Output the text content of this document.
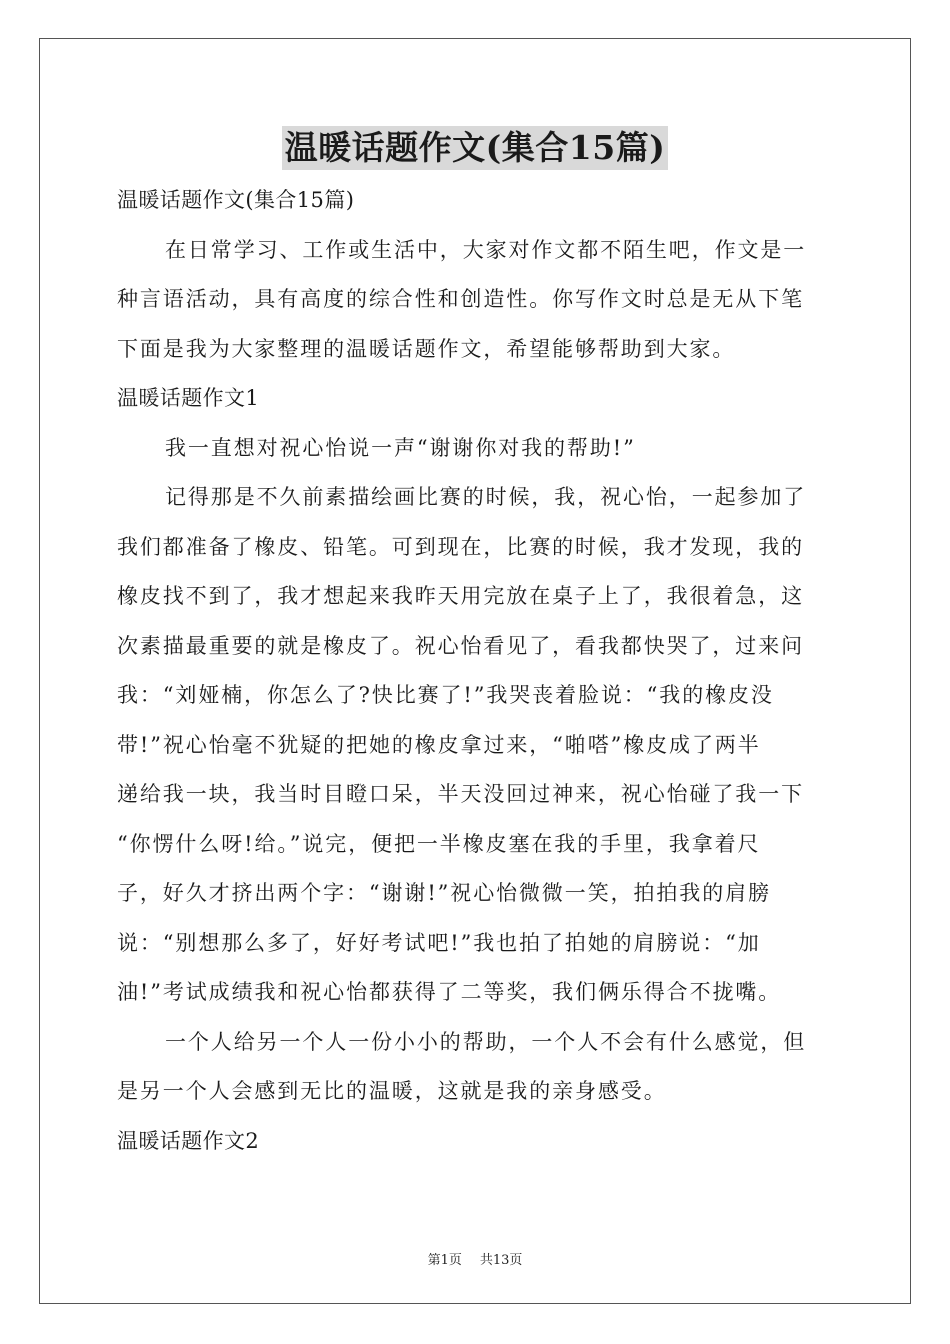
温暖话题作文(集合15篇)
温暖话题作文(集合15篇)
在日常学习、工作或生活中，大家对作文都不陌生吧，作文是一
种言语活动，具有高度的综合性和创造性。你写作文时总是无从下笔
下面是我为大家整理的温暖话题作文，希望能够帮助到大家。
温暖话题作文1
我一直想对祝心怡说一声“谢谢你对我的帮助!”
记得那是不久前素描绘画比赛的时候，我，祝心怡，一起参加了
我们都准备了橡皮、铅笔。可到现在，比赛的时候，我才发现，我的
橡皮找不到了，我才想起来我昨天用完放在桌子上了，我很着急，这
次素描最重要的就是橡皮了。祝心怡看见了，看我都快哭了，过来问
我：“刘娅楠，你怎么了?快比赛了!”我哭丧着脸说：“我的橡皮没
带!”祝心怡毫不犹疑的把她的橡皮拿过来，“啪嗒”橡皮成了两半
递给我一块，我当时目瞪口呆，半天没回过神来，祝心怡碰了我一下
“你愣什么呀!给。”说完，便把一半橡皮塞在我的手里，我拿着尺
子，好久才挤出两个字：“谢谢!”祝心怡微微一笑，拍拍我的肩膀
说：“别想那么多了，好好考试吧!”我也拍了拍她的肩膀说：“加
油!”考试成绩我和祝心怡都获得了二等奖，我们俩乐得合不拢嘴。
一个人给另一个人一份小小的帮助，一个人不会有什么感觉，但
是另一个人会感到无比的温暖，这就是我的亲身感受。
温暖话题作文2
第1页 共13页
